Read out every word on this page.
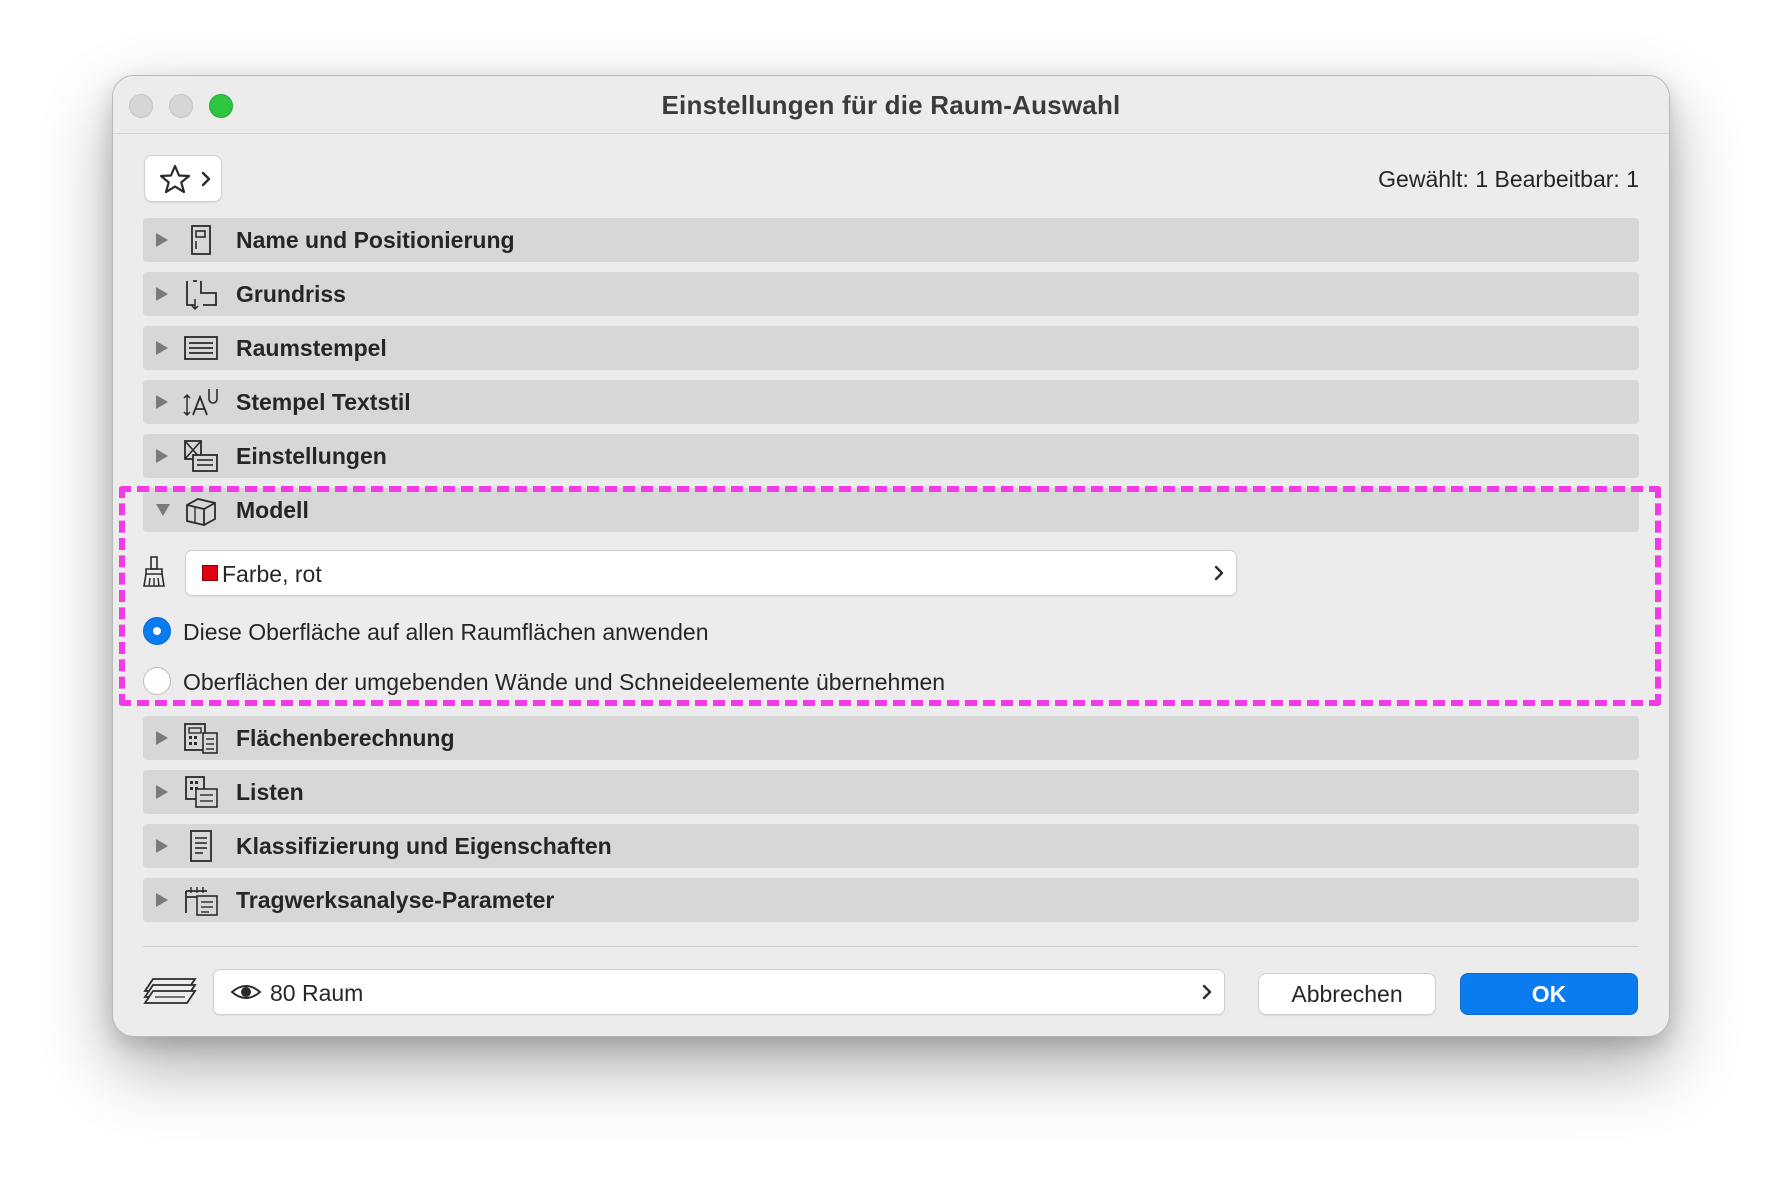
Einstellungen für die Raum-Auswahl
Gewählt: 1 Bearbeitbar: 1
Name und Positionierung
Grundriss
Raumstempel
Stempel Textstil
Einstellungen
Modell
Farbe, rot
Diese Oberfläche auf allen Raumflächen anwenden
Oberflächen der umgebenden Wände und Schneideelemente übernehmen
Flächenberechnung
Listen
Klassifizierung und Eigenschaften
Tragwerksanalyse-Parameter
80 Raum	Abbrechen	OK
